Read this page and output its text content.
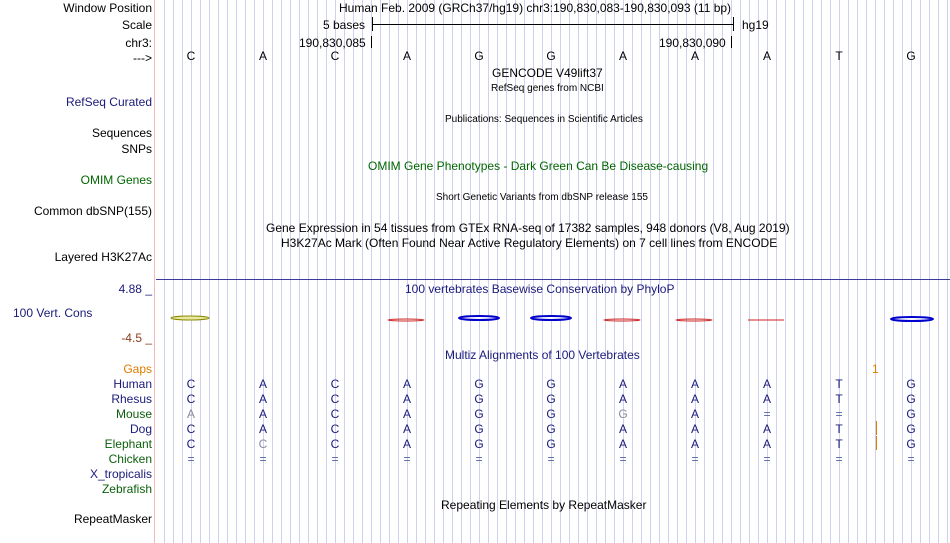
Window Position
Scale
chr3:
--->
RefSeq Curated
Sequences
SNPs
OMIM Genes
Common dbSNP(155)
Layered H3K27Ac
4.88 _
100 Vert. Cons
-4.5 _
Gaps
Human Feb. 2009 (GRCh37/hg19) chr3:190,830,083-190,830,093 (11 bp)
5 bases	hg19
190,830,085	190,830,090
C	A	C	A	G	G	A	A	A	T	G
GENCODE V49lift37
RefSeq genes from NCBI
Publications: Sequences in Scientific Articles
OMIM Gene Phenotypes - Dark Green Can Be Disease-causing
Short Genetic Variants from dbSNP release 155
Gene Expression in 54 tissues from GTEx RNA-seq of 17382 samples, 948 donors (V8, Aug 2019)
H3K27Ac Mark (Often Found Near Active Regulatory Elements) on 7 cell lines from ENCODE
100 vertebrates Basewise Conservation by PhyloP
Multiz Alignments of 100 Vertebrates
1
Human	C	A	C	A	G	G	A	A	A	T	G
Rhesus	C	A	C	A	G	G	A	A	A	T	G
Mouse	A	A	C	A	G	G	G	A	=	=	G
Dog	C	A	C	A	G	G	A	A	A	T	G
Elephant	C	C	C	A	G	G	A	A	A	T	G
Chicken	=	=	=	=	=	=	=	=	=	=	=
X_tropicalis
Zebrafish
Repeating Elements by RepeatMasker
RepeatMasker
